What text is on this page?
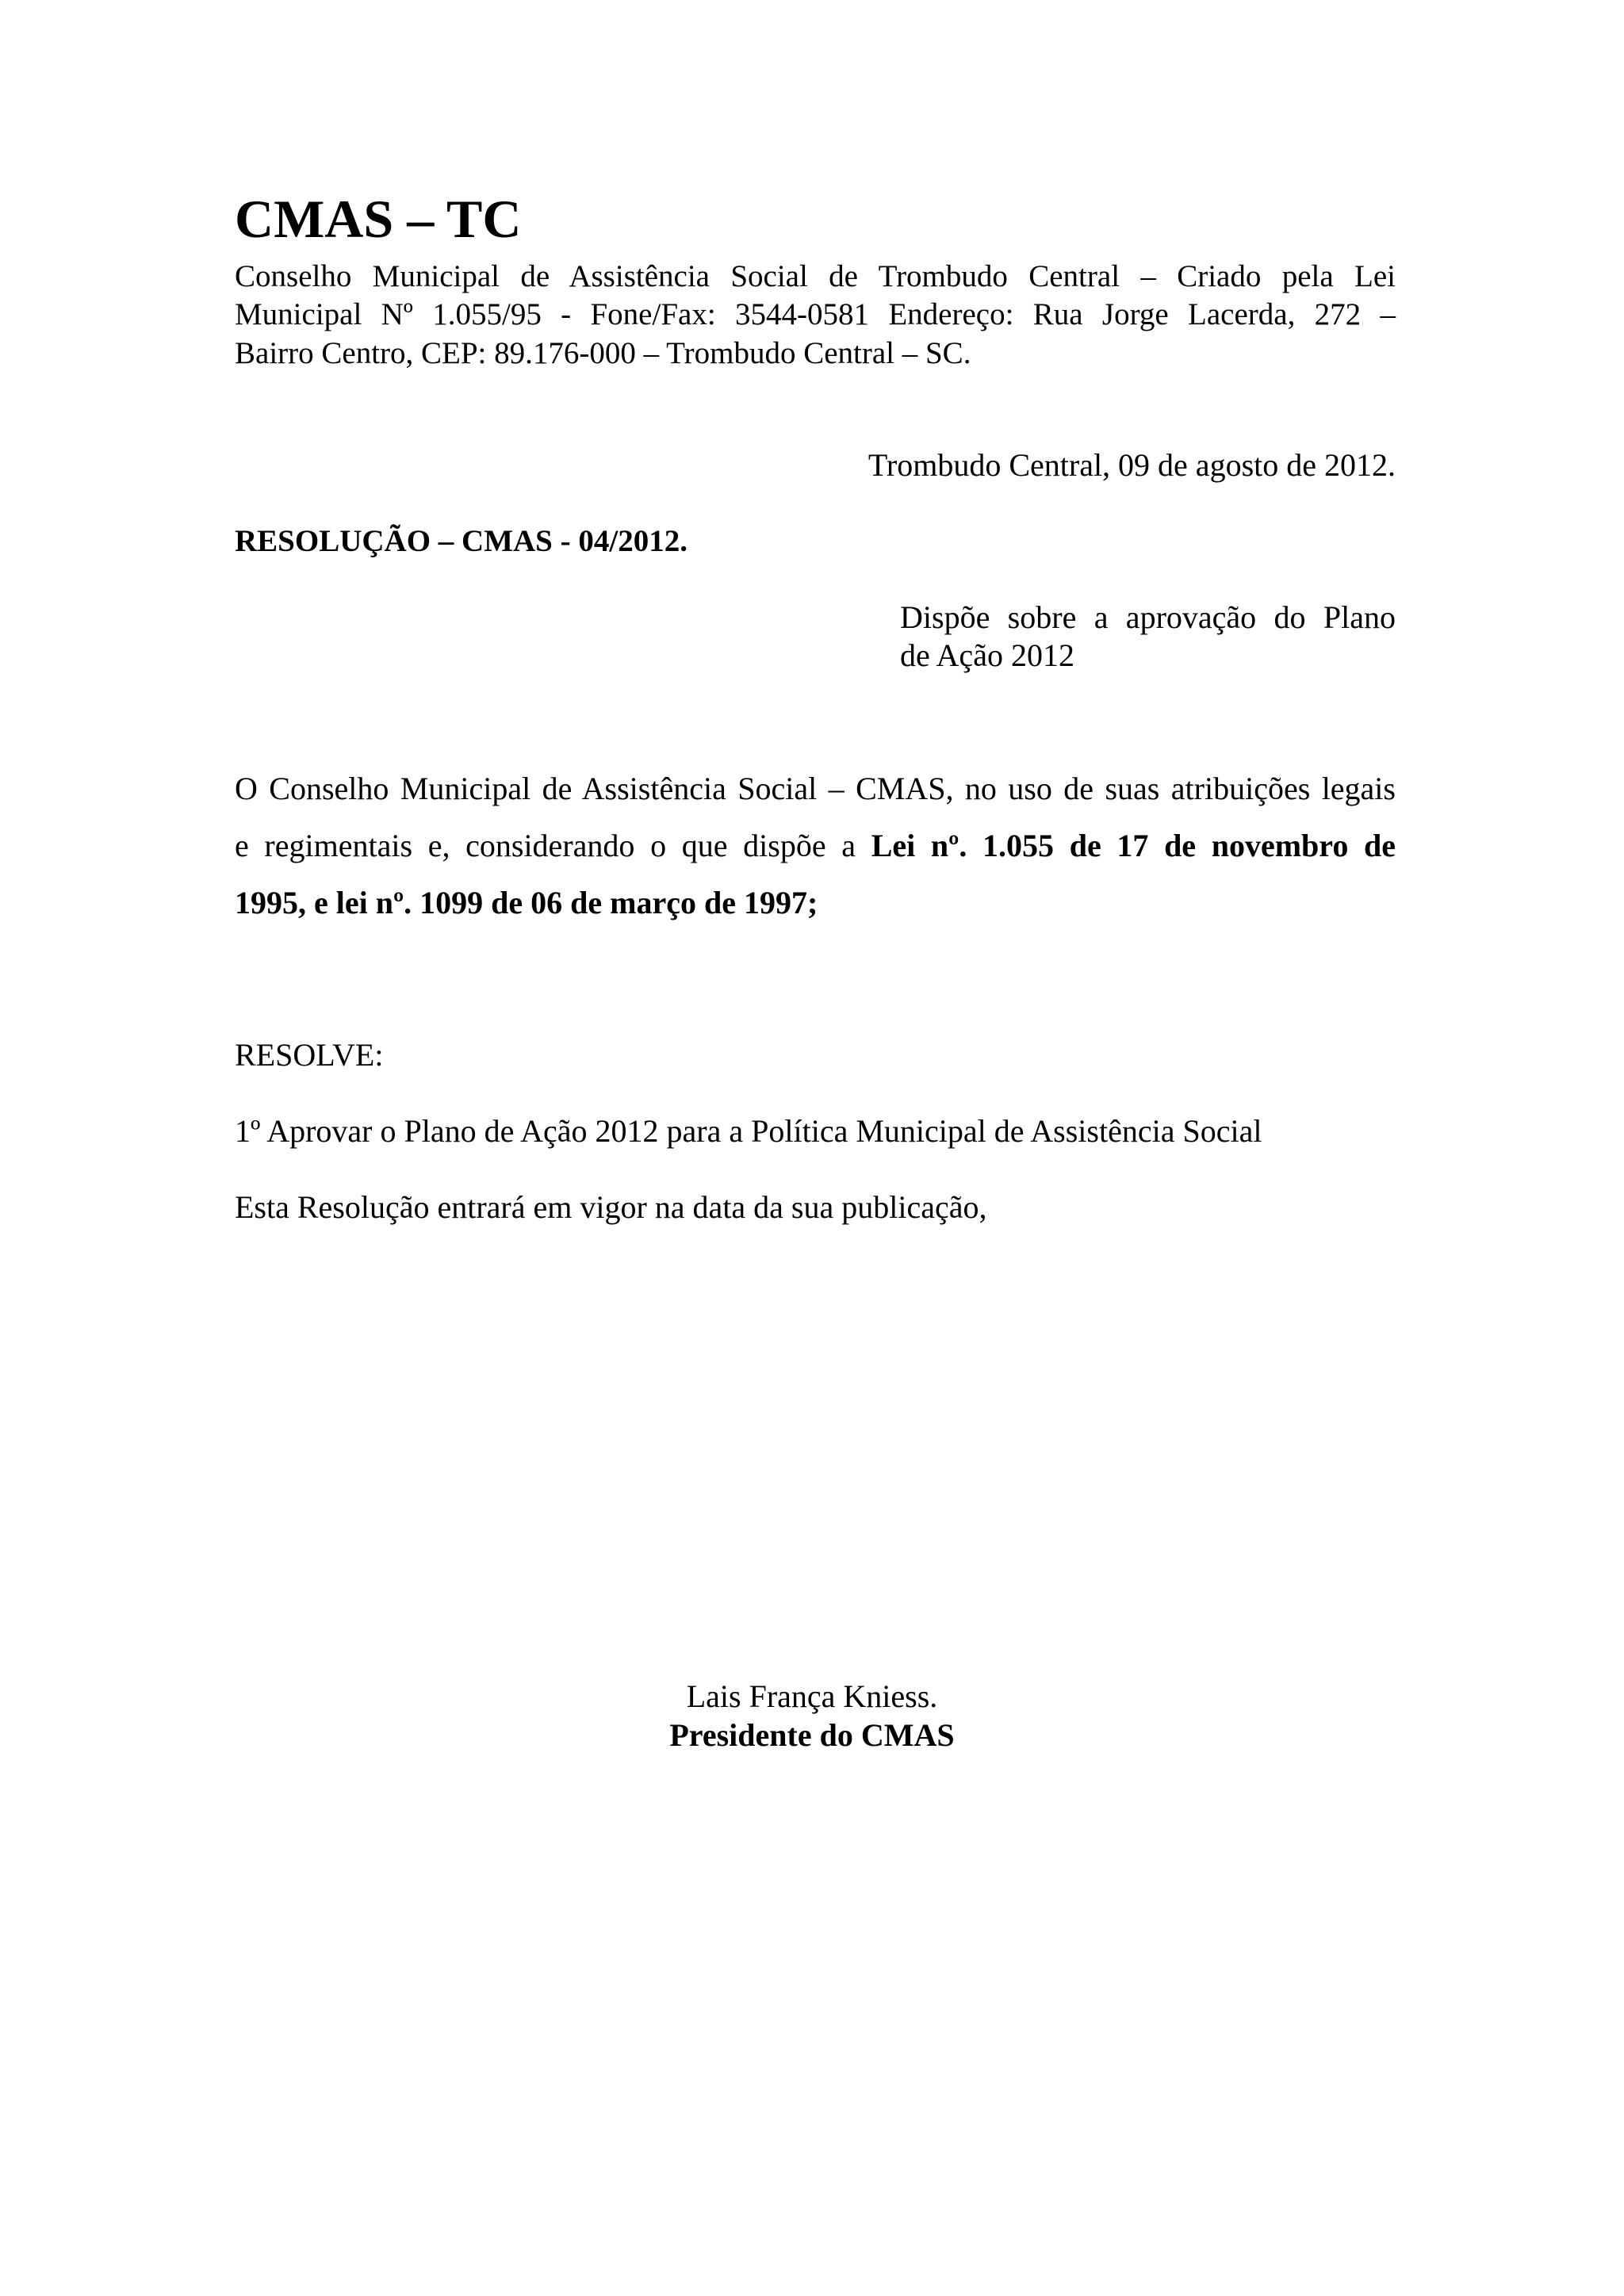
CMAS – TC
Conselho Municipal de Assistência Social de Trombudo Central – Criado pela Lei
Municipal Nº 1.055/95 - Fone/Fax: 3544-0581 Endereço: Rua Jorge Lacerda, 272 –
Bairro Centro, CEP: 89.176-000 – Trombudo Central – SC.
Trombudo Central, 09 de agosto de 2012.
RESOLUÇÃO – CMAS - 04/2012.
Dispõe sobre a aprovação do Plano
de Ação 2012
O Conselho Municipal de Assistência Social – CMAS, no uso de suas atribuições legais
e regimentais e, considerando o que dispõe a Lei nº. 1.055 de 17 de novembro de
1995, e lei nº. 1099 de 06 de março de 1997;
RESOLVE:
1º Aprovar o Plano de Ação 2012 para a Política Municipal de Assistência Social
Esta Resolução entrará em vigor na data da sua publicação,
Lais França Kniess.
Presidente do CMAS
